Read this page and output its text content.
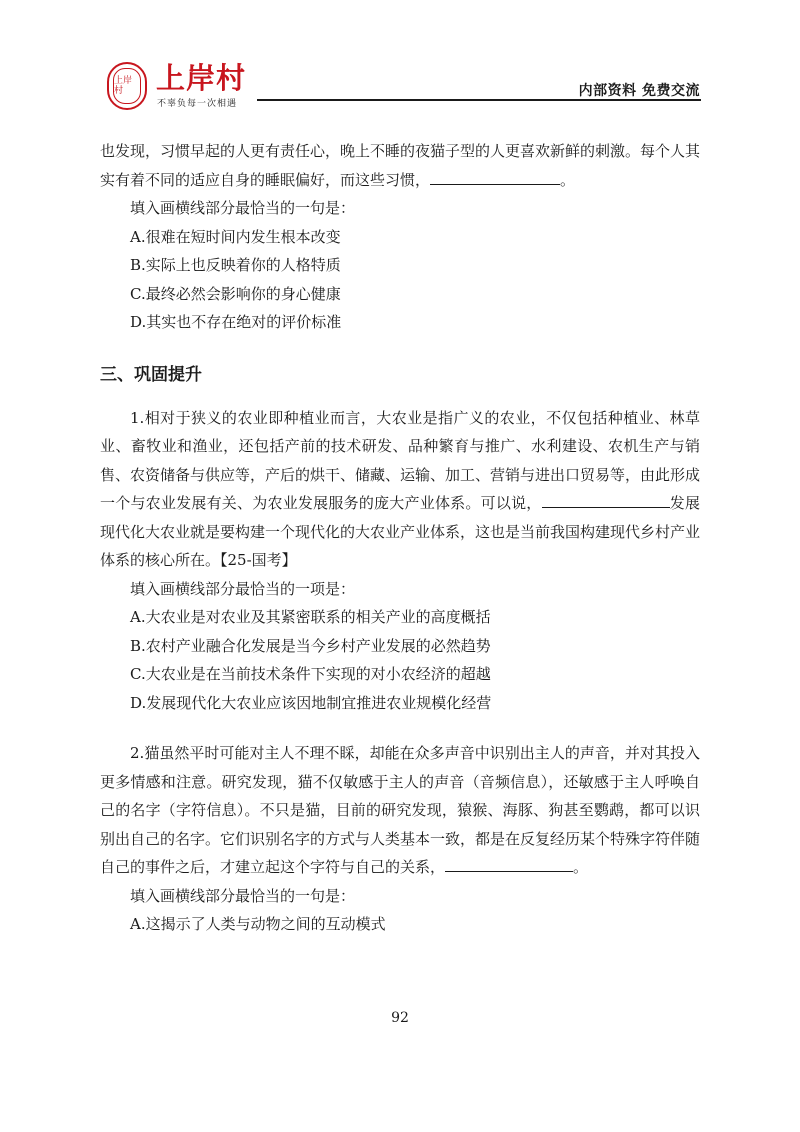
上岸村	上岸村
不辜负每一次相遇
内部资料 免费交流

也发现，习惯早起的人更有责任心，晚上不睡的夜猫子型的人更喜欢新鲜的刺激。每个人其实有着不同的适应自身的睡眠偏好，而这些习惯，	。

填入画横线部分最恰当的一句是：

A.很难在短时间内发生根本改变

B.实际上也反映着你的人格特质

C.最终必然会影响你的身心健康

D.其实也不存在绝对的评价标准

三、巩固提升

1.相对于狭义的农业即种植业而言，大农业是指广义的农业，不仅包括种植业、林草业、畜牧业和渔业，还包括产前的技术研发、品种繁育与推广、水利建设、农机生产与销售、农资储备与供应等，产后的烘干、储藏、运输、加工、营销与进出口贸易等，由此形成一个与农业发展有关、为农业发展服务的庞大产业体系。可以说，	发展现代化大农业就是要构建一个现代化的大农业产业体系，这也是当前我国构建现代乡村产业体系的核心所在。【25-国考】

填入画横线部分最恰当的一项是：

A.大农业是对农业及其紧密联系的相关产业的高度概括

B.农村产业融合化发展是当今乡村产业发展的必然趋势

C.大农业是在当前技术条件下实现的对小农经济的超越

D.发展现代化大农业应该因地制宜推进农业规模化经营

2.猫虽然平时可能对主人不理不睬，却能在众多声音中识别出主人的声音，并对其投入更多情感和注意。研究发现，猫不仅敏感于主人的声音（音频信息），还敏感于主人呼唤自己的名字（字符信息）。不只是猫，目前的研究发现，猿猴、海豚、狗甚至鹦鹉，都可以识别出自己的名字。它们识别名字的方式与人类基本一致，都是在反复经历某个特殊字符伴随自己的事件之后，才建立起这个字符与自己的关系，	。

填入画横线部分最恰当的一句是：

A.这揭示了人类与动物之间的互动模式

92
